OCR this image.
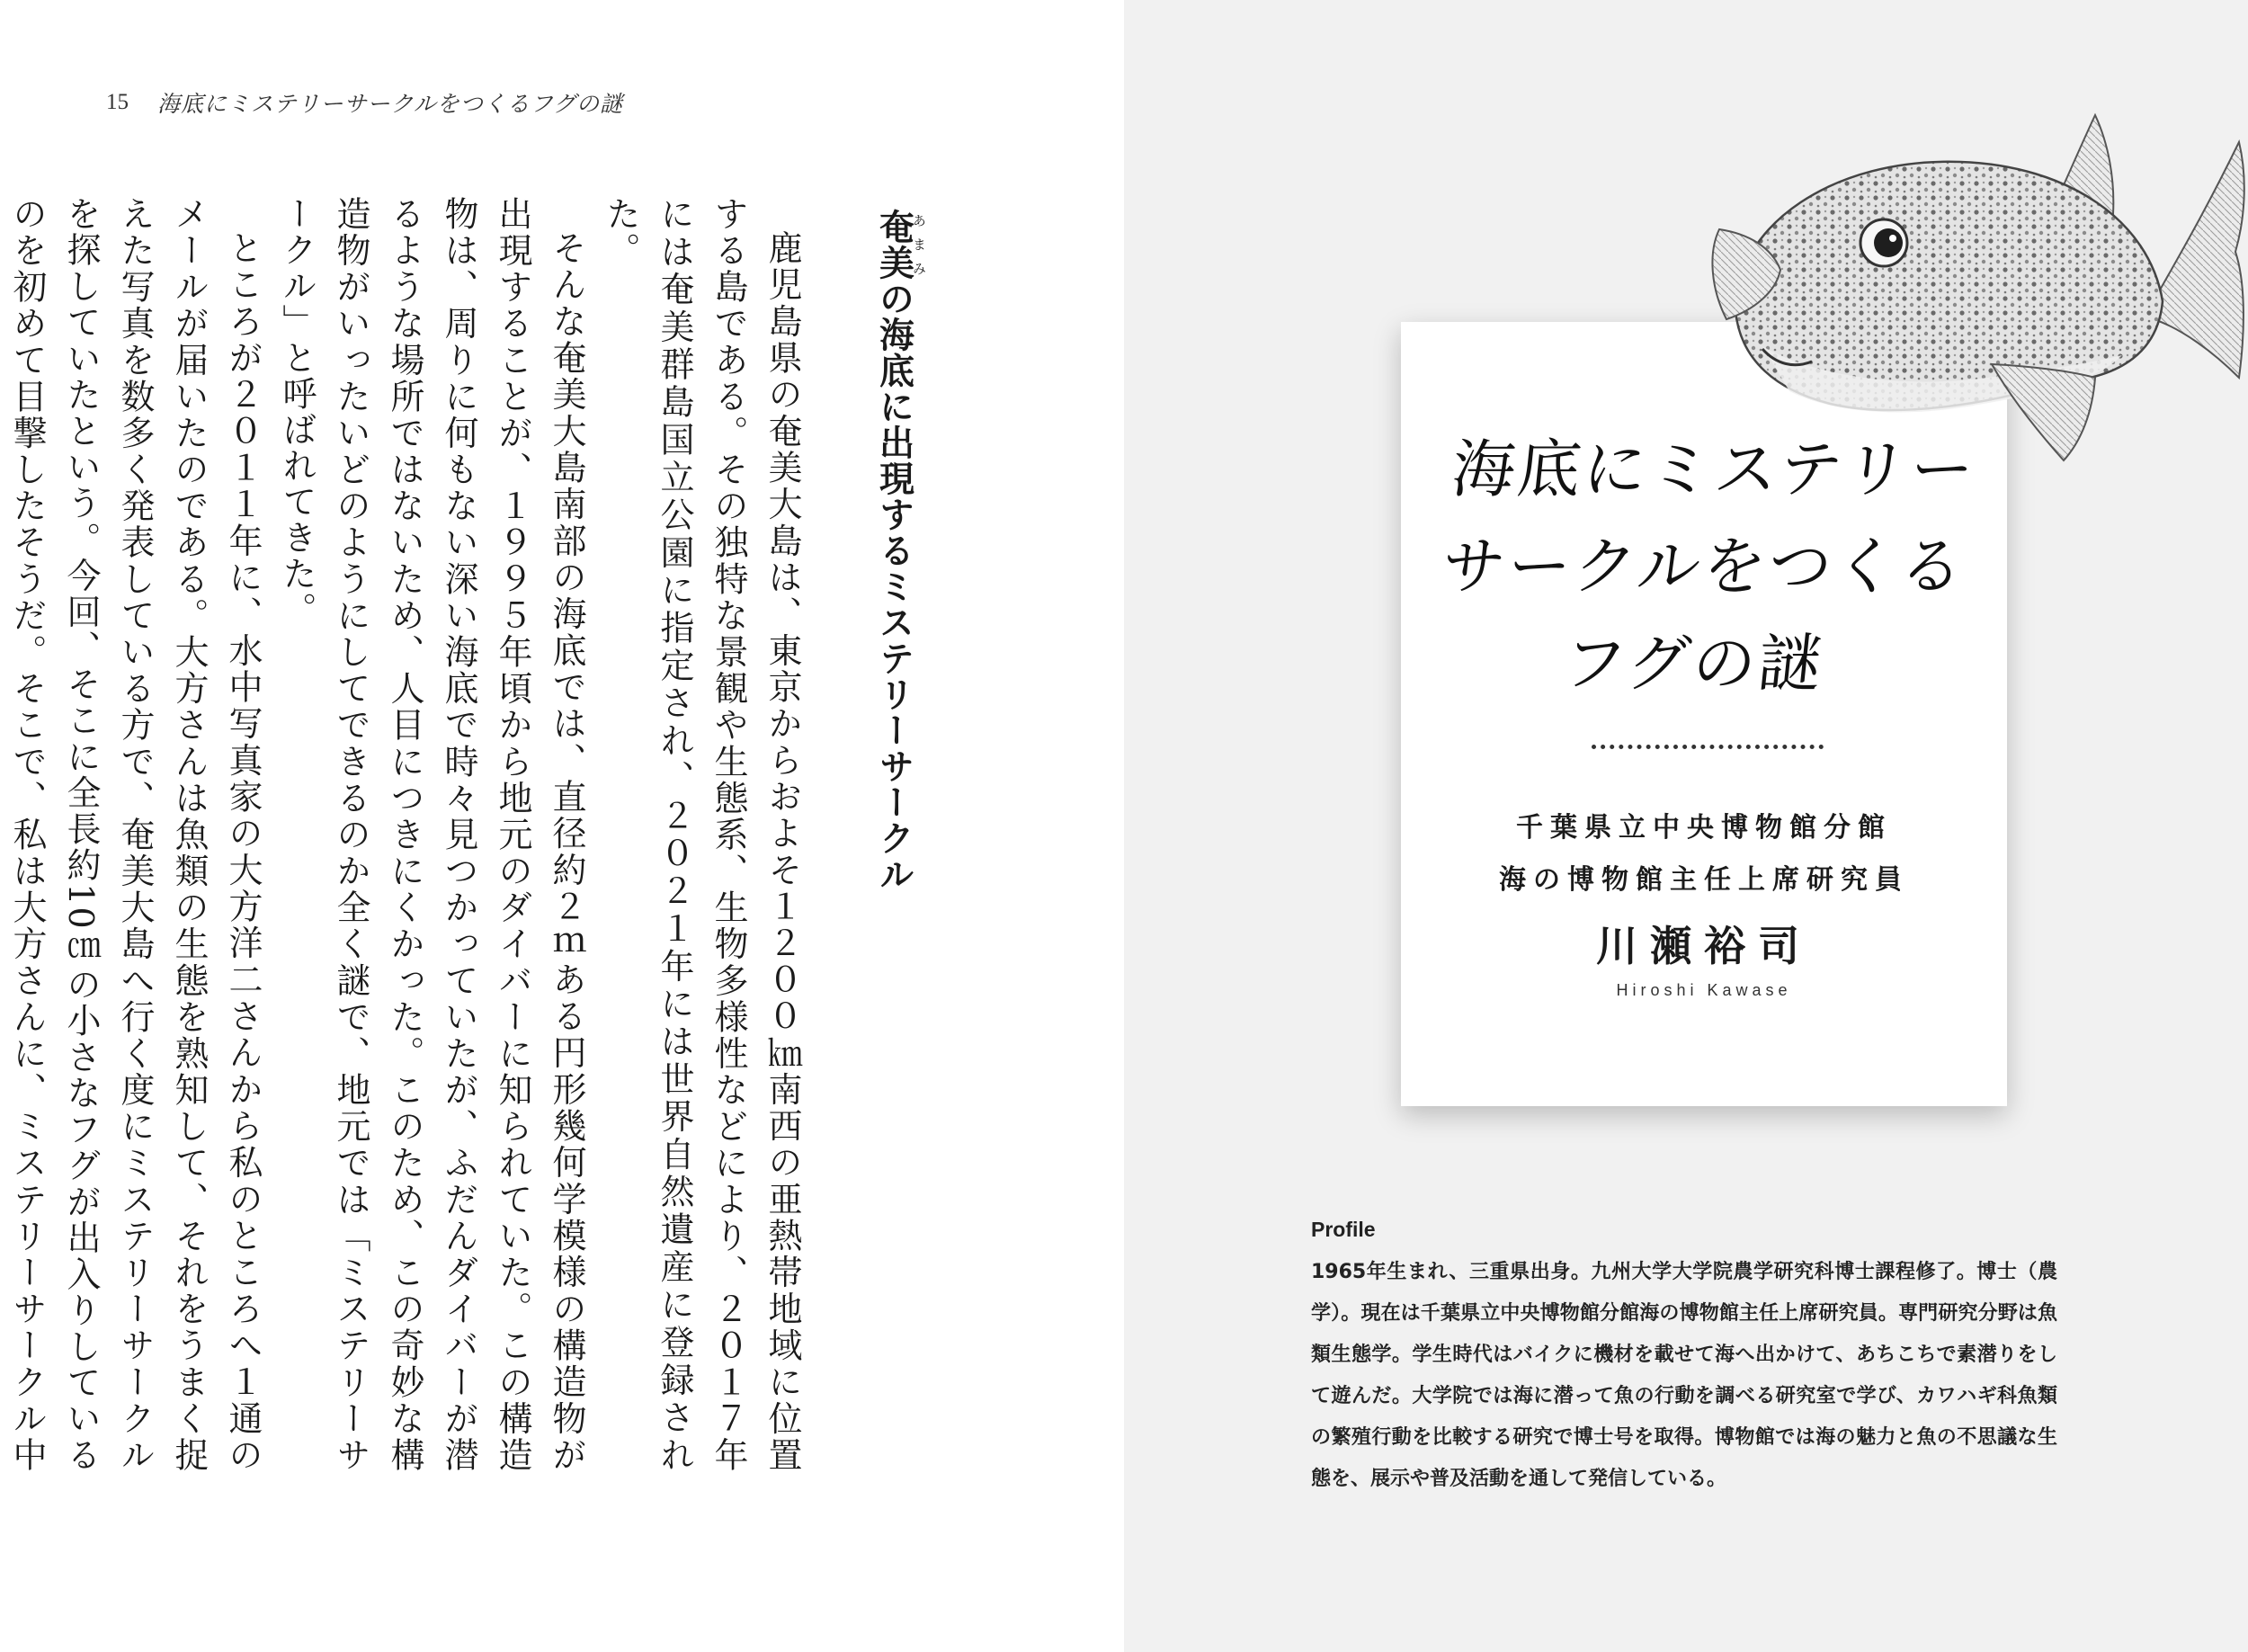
15 海底にミステリーサークルをつくるフグの謎
奄美あまみの海底に出現するミステリーサークル

鹿児島県の奄美大島は、東京からおよそ１２００㎞南西の亜熱帯地域に位置する島である。その独特な景観や生態系、生物多様性などにより、２０１７年には奄美群島国立公園に指定され、２０２１年には世界自然遺産に登録された。

そんな奄美大島南部の海底では、直径約２ｍある円形幾何学模様の構造物が出現することが、１９９５年頃から地元のダイバーに知られていた。この構造物は、周りに何もない深い海底で時々見つかっていたが、ふだんダイバーが潜るような場所ではないため、人目につきにくかった。このため、この奇妙な構造物がいったいどのようにしてできるのか全く謎で、地元では「ミステリーサークル」と呼ばれてきた。

ところが２０１１年に、水中写真家の大方洋二さんから私のところへ１通のメールが届いたのである。大方さんは魚類の生態を熟知して、それをうまく捉えた写真を数多く発表している方で、奄美大島へ行く度にミステリーサークルを探していたという。今回、そこに全長約10㎝の小さなフグが出入りしているのを初めて目撃したそうだ。そこで、私は大方さんに、ミステリーサークル中

海底にミステリー
サークルをつくる
フグの謎
千葉県立中央博物館分館
海の博物館主任上席研究員
川瀬裕司
Hiroshi Kawase
Profile

1965年生まれ、三重県出身。九州大学大学院農学研究科博士課程修了。博士（農学）。現在は千葉県立中央博物館分館海の博物館主任上席研究員。専門研究分野は魚類生態学。学生時代はバイクに機材を載せて海へ出かけて、あちこちで素潜りをして遊んだ。大学院では海に潜って魚の行動を調べる研究室で学び、カワハギ科魚類の繁殖行動を比較する研究で博士号を取得。博物館では海の魅力と魚の不思議な生態を、展示や普及活動を通して発信している。
